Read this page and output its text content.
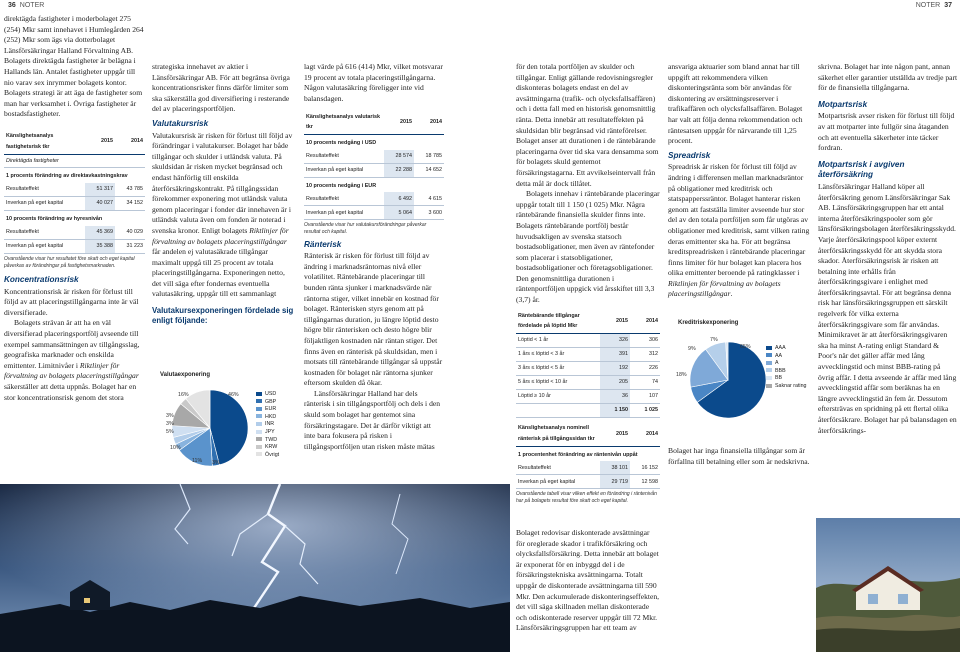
36 NOTER	NOTER 37

direktägda fastigheter i moderbolaget 275 (254) Mkr samt innehavet i Humlegården 264 (252) Mkr som ägs via dotterbolaget Länsförsäkringar Halland Förvaltning AB. Bolagets direktägda fastigheter är belägna i Hallands län. Antalet fastigheter uppgår till nio varav sex inrymmer bolagets kontor. Bolagets strategi är att äga de fastigheter som man har verksamhet i. Övriga fastigheter är bostadsfastigheter.

Känslighetsanalys fastighetsrisk tkr	2015	2014
Direktägda fastigheter		
1 procents förändring av direktavkastningskrav		
Resultateffekt	51 317	43 785
Inverkan på eget kapital	40 027	34 152
10 procents förändring av hyresnivån		
Resultateffekt	45 369	40 029
Inverkan på eget kapital	35 388	31 223
Ovanstående visar hur resultatet före skatt och eget kapital påverkas av förändringar på fastighetsmarknaden.
Koncentrationsrisk

Koncentrationsrisk är risken för förlust till följd av att placeringstillgångarna inte är väl diversifierade.

Bolagets strävan är att ha en väl diversifierad placeringsportfölj avseende till exempel sammansättningen av tillgångsslag, geografiska marknader och enskilda emittenter. Limitnivåer i Riktlinjer för förvaltning av bolagets placeringstillgångar säkerställer att detta uppnås. Bolaget har en stor koncentrationsrisk genom det stora

strategiska innehavet av aktier i Länsförsäkringar AB. För att begränsa övriga koncentrationsrisker finns därför limiter som ska säkerställa god diversifiering i resterande del av placeringsportföljen.

Valutakursrisk

Valutakursrisk är risken för förlust till följd av förändringar i valutakurser. Bolaget har både tillgångar och skulder i utländsk valuta. På skuldsidan är risken mycket begränsad och endast hänförlig till enskilda återförsäkringskontrakt. På tillgångssidan förekommer exponering mot utländsk valuta genom placeringar i fonder där innehaven är i utländsk valuta även om fonden är noterad i svenska kronor. Enligt bolagets Riktlinjer för förvaltning av bolagets placeringstillgångar får andelen ej valutasäkrade tillgångar maximalt uppgå till 25 procent av totala placeringstillgångarna. Exponeringen netto, det vill säga efter fondernas eventuella valutasäkring, uppgår till ett sammanlagt

Valutakursexponeringen fördelade sig enligt följande:
Valutaexponering
46%
16%
3%
3%
5%
10%
11% 3%
USD
GBP
EUR
HKD
INR
JPY
TWD
KRW
Övrigt

lagt värde på 616 (414) Mkr, vilket motsvarar 19 procent av totala placeringstillgångarna. Någon valutasäkring föreligger inte vid balansdagen.

Känslighetsanalys valutarisk tkr	2015	2014
10 procents nedgång i USD		
Resultateffekt	28 574	18 785
Inverkan på eget kapital	22 288	14 652
10 procents nedgång i EUR		
Resultateffekt	6 492	4 615
Inverkan på eget kapital	5 064	3 600
Ovanstående visar hur valutakursförändringar påverkar resultat och kapital.
Ränterisk

Ränterisk är risken för förlust till följd av ändring i marknadsräntornas nivå eller volatilitet. Räntebärande placeringar till bunden ränta sjunker i marknadsvärde när räntorna stiger, vilket innebär en kostnad för bolaget. Ränterisken styrs genom att på tillgångarnas duration, ju längre löptid desto högre blir ränterisken och desto högre blir följaktligen kostnaden när räntan stiger. Det finns även en ränterisk på skuldsidan, men i motsats till räntebärande tillgångar så uppstår kostnaden för bolaget när räntorna sjunker eftersom skulden då ökar.

Länsförsäkringar Halland har dels ränterisk i sin tillgångsportfölj och dels i den skuld som bolaget har gentemot sina försäkringstagare. Det är därför viktigt att inte bara fokusera på risken i tillgångsportföljen utan risken måste mätas

för den totala portföljen av skulder och tillgångar. Enligt gällande redovisningsregler diskonteras bolagets endast en del av avsättningarna (trafik- och olycksfallsaffären) och i detta fall med en historisk genomsnittlig ränta. Detta innebär att resultateffekten på skuldsidan blir begränsad vid ränteförelser. Bolaget anser att durationen i de räntebärande placeringarna över tid ska vara densamma som för bolagets skuld gentemot försäkringstagarna. Ett avvikelseintervall från detta mål är dock tillåtet.

Bolagets innehav i räntebärande placeringar uppgår totalt till 1 150 (1 025) Mkr. Några räntebärande finansiella skulder finns inte. Bolagets räntebärande portfölj består huvudsakligen av svenska statsoch bostadsobligationer, men även av räntefonder som placerar i statsobligationer, bostadsobligationer och företagsobligationer. Den genomsnittliga durationen i räntenportföljen uppgick vid årsskiftet till 3,3 (3,7) år.

Räntebärande tillgångar fördelade på löptid Mkr	2015	2014
Löptid < 1 år	326	306
1 års ≤ löptid < 3 år	391	312
3 års ≤ löptid < 5 år	192	226
5 års ≤ löptid < 10 år	205	74
Löptid ≥ 10 år	36	107
	1 150	1 025
Känslighetsanalys nominell ränterisk på tillgångssidan tkr	2015	2014
1 procentenhet förändring av räntenivån uppåt		
Resultateffekt	38 101	16 152
Inverkan på eget kapital	29 719	12 598
Ovanstående tabell visar vilken effekt en förändring i räntenivån har på bolagets resultat före skatt och eget kapital.

Bolaget redovisar diskonterade avsättningar för oreglerade skador i trafikförsäkring och olycksfallsförsäkring. Detta innebär att bolaget är exponerat för en inbyggd del i de försäkringstekniska avsättningarna. Totalt uppgår de diskonterade avsättningarna till 590 Mkr. Den ackumulerade diskonteringseffekten, det vill säga skillnaden mellan diskonterade och odiskonterade reserver uppgår till 72 Mkr. Länsförsäkringsgruppen har ett team av

ansvariga aktuarier som bland annat har till uppgift att rekommendera vilken diskonteringsränta som bör användas för diskontering av ersättningsreserver i trafikaffären och olycksfallsaffären. Bolaget har valt att följa denna rekommendation och räntesatsen uppgår för närvarande till 1,25 procent.

Spreadrisk

Spreadrisk är risken för förlust till följd av ändring i differensen mellan marknadsräntor på obligationer med kreditrisk och statspapperssräntor. Bolaget hanterar risken genom att fastställa limiter avseende hur stor del av den totala portföljen som får utgöras av obligationer med kreditrisk, samt vilken rating deras emittenter ska ha. För att begränsa kreditspreadrisken i räntebärande placeringar finns limiter för hur bolaget kan placera hos olika emittenter beroende på ratingklasser i Riktlinjen för förvaltning av bolagets placeringstillgångar.

Kreditriskexponering
65%
7%
9%
18%
AAA
AA
A
BBB
BB
Saknar rating

Bolaget har inga finansiella tillgångar som är förfallna till betalning eller som är nedskrivna.

skrivna. Bolaget har inte någon pant, annan säkerhet eller garantier utställda av tredje part för de finansiella tillgångarna.

Motpartsrisk

Motpartsrisk avser risken för förlust till följd av att motparter inte fullgör sina åtaganden och att eventuella säkerheter inte täcker fordran.

Motpartsrisk i avgiven återförsäkring

Länsförsäkringar Halland köper all återförsäkring genom Länsförsäkringar Sak AB. Länsförsäkringsgruppen har ett antal interna återförsäkringspooler som gör länsförsäkringsbolagen återförsäkringsskydd. Varje återförsäkringspool köper externt återförsäkringsskydd för att skydda stora skador. Återförsäkringsrisk är risken att betalning inte erhålls från återförsäkringsgivare i enlighet med återförsäkringsavtal. För att begränsa denna risk har länsförsäkringsgruppen ett särskilt regelverk för vilka externa återförsäkringsgivare som får användas. Minimikravet är att återförsäkringsgivaren ska ha minst A-rating enligt Standard & Poor's när det gäller affär med lång avvecklingstid och minst BBB-rating på övrig affär. I detta avseende är affär med lång avvecklingstid affär som beräknas ha en längre avvecklingstid än fem år. Dessutom eftersträvas en spridning på ett flertal olika återförsäkrare. Bolaget har på balansdagen en återförsäkrings-
